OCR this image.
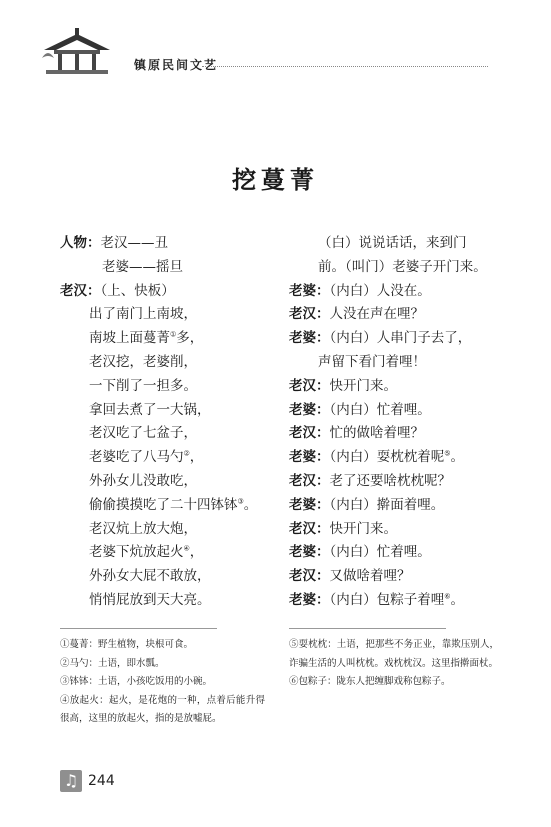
镇原民间文艺
挖蔓菁
人物：老汉——丑
老婆——摇旦
老汉：（上、快板）
出了南门上南坡，
南坡上面蔓菁①多，
老汉挖，老婆削，
一下削了一担多。
拿回去煮了一大锅，
老汉吃了七盆子，
老婆吃了八马勺②，
外孙女儿没敢吃，
偷偷摸摸吃了二十四钵钵③。
老汉炕上放大炮，
老婆下炕放起火④，
外孙女大屁不敢放，
悄悄屁放到天大亮。
（白）说说话话，来到门
前。（叫门）老婆子开门来。
老婆：（内白）人没在。
老汉：人没在声在哩？
老婆：（内白）人串门子去了，
声留下看门着哩！
老汉：快开门来。
老婆：（内白）忙着哩。
老汉：忙的做啥着哩？
老婆：（内白）耍枕枕着呢⑤。
老汉：老了还要啥枕枕呢？
老婆：（内白）擀面着哩。
老汉：快开门来。
老婆：（内白）忙着哩。
老汉：又做啥着哩？
老婆：（内白）包粽子着哩⑥。
①蔓菁：野生植物，块根可食。
②马勺：土语，即水瓢。
③钵钵：土语，小孩吃饭用的小碗。
④放起火：起火，是花炮的一种，点着后能升得很高，这里的放起火，指的是放嘘屁。
⑤耍枕枕：土语，把那些不务正业，靠欺压别人，诈骗生活的人叫枕枕。戏枕枕汉。这里指擀面杖。
⑥包粽子：陇东人把缠脚戏称包粽子。
♫ 244
